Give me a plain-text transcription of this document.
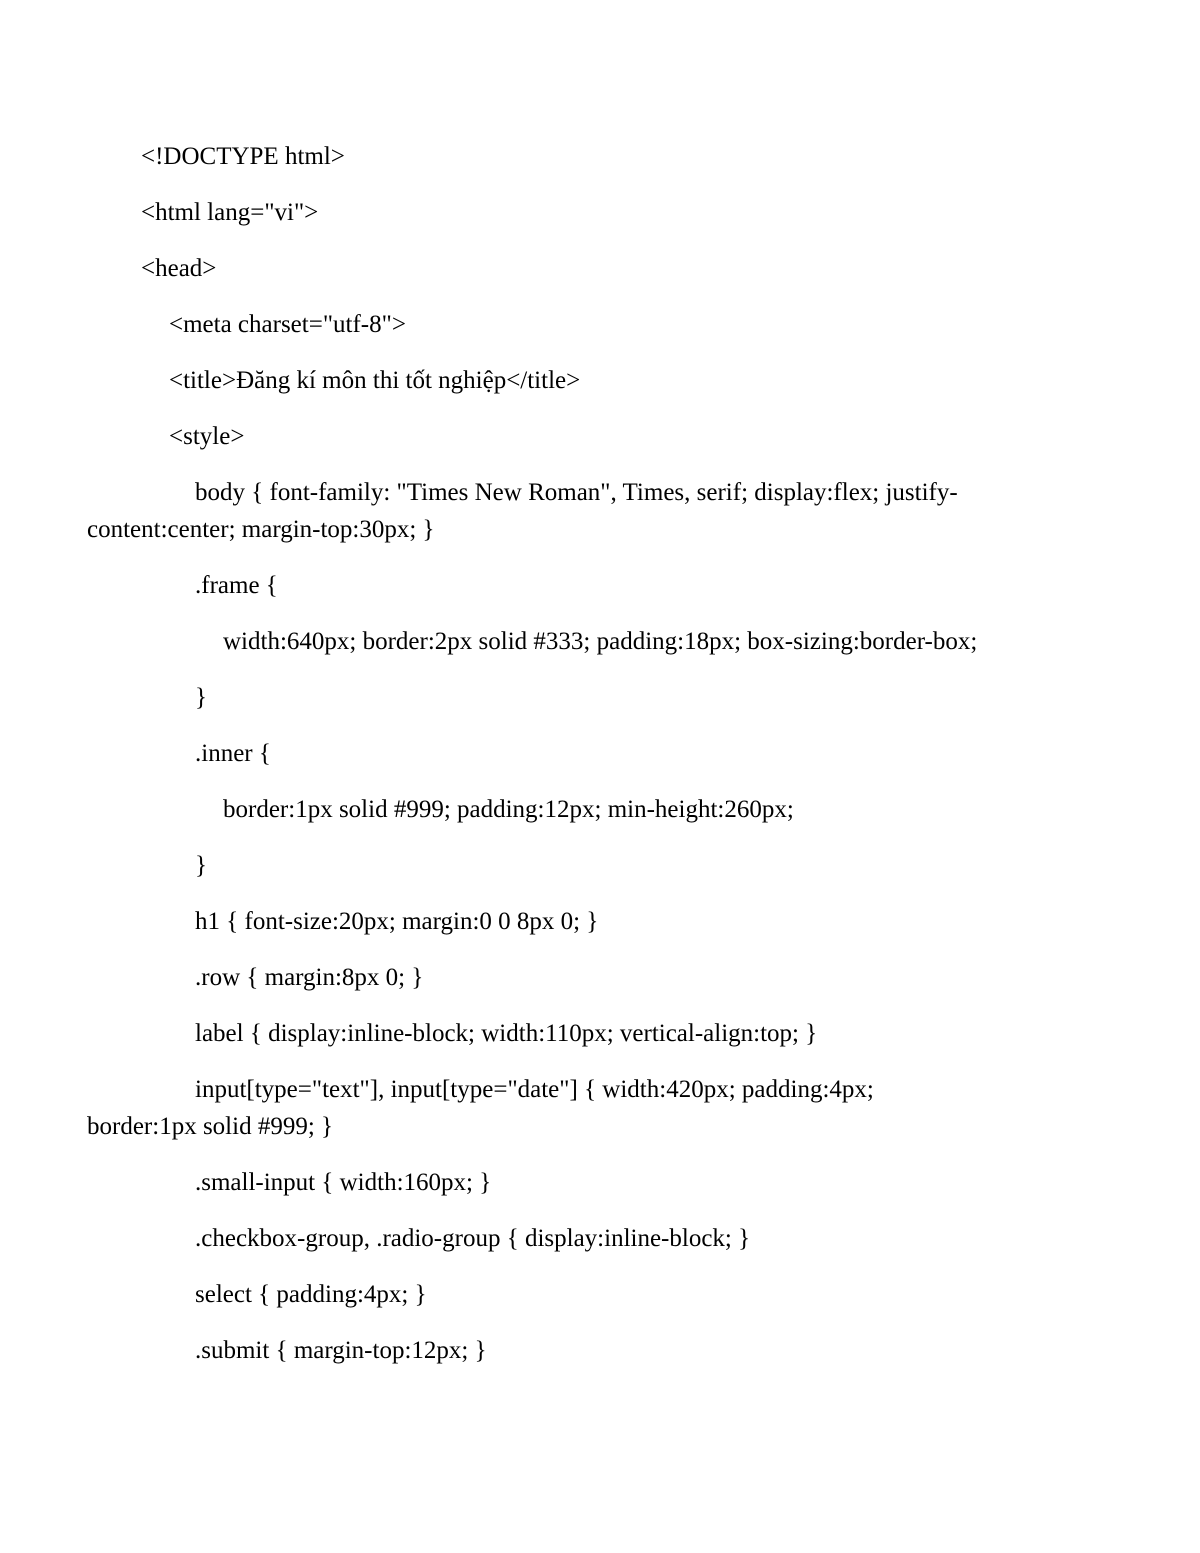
<!DOCTYPE html>
<html lang="vi">
<head>
<meta charset="utf-8">
<title>Đăng kí môn thi tốt nghiệp</title>
<style>
body { font-family: "Times New Roman", Times, serif; display:flex; justify-
content:center; margin-top:30px; }
.frame {
width:640px; border:2px solid #333; padding:18px; box-sizing:border-box;
}
.inner {
border:1px solid #999; padding:12px; min-height:260px;
}
h1 { font-size:20px; margin:0 0 8px 0; }
.row { margin:8px 0; }
label { display:inline-block; width:110px; vertical-align:top; }
input[type="text"], input[type="date"] { width:420px; padding:4px;
border:1px solid #999; }
.small-input { width:160px; }
.checkbox-group, .radio-group { display:inline-block; }
select { padding:4px; }
.submit { margin-top:12px; }
